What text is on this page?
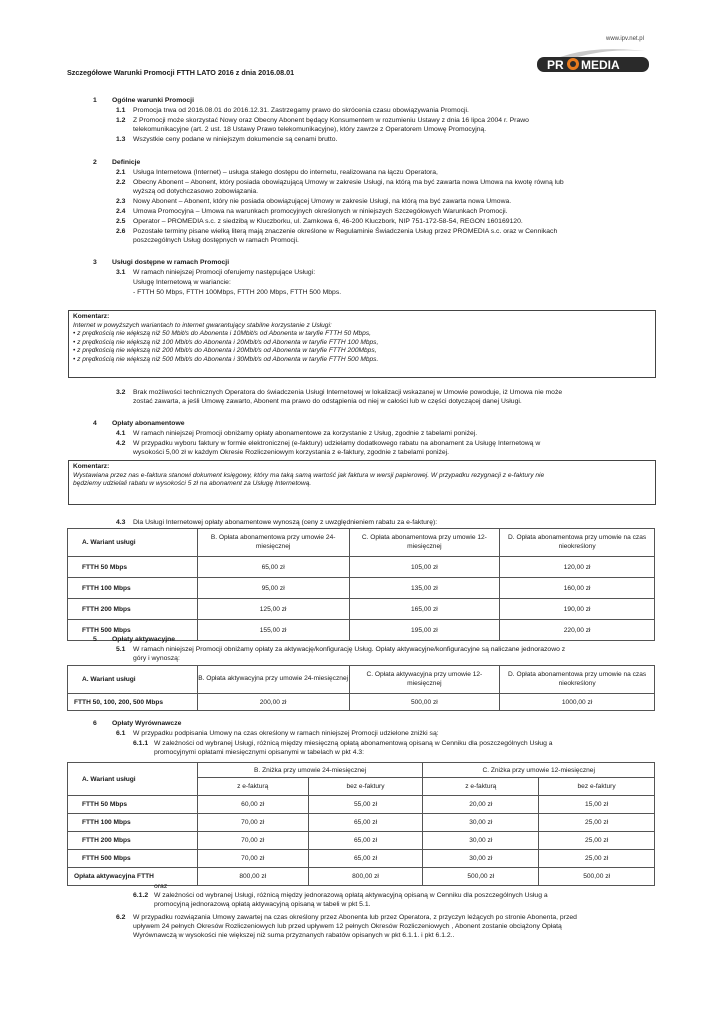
www.ipv.net.pl
PR MEDIA
Szczegółowe Warunki Promocji FTTH LATO 2016 z dnia 2016.08.01
1 Ogólne warunki Promocji
1.1 Promocja trwa od 2016.08.01 do 2016.12.31. Zastrzegamy prawo do skrócenia czasu obowiązywania Promocji.
1.2 Z Promocji może skorzystać Nowy oraz Obecny Abonent będący Konsumentem w rozumieniu Ustawy z dnia 16 lipca 2004 r. Prawo
telekomunikacyjne (art. 2 ust. 18 Ustawy Prawo telekomunikacyjne), który zawrze z Operatorem Umowę Promocyjną.
1.3 Wszystkie ceny podane w niniejszym dokumencie są cenami brutto.
2 Definicje
2.1 Usługa Internetowa (Internet) – usługa stałego dostępu do internetu, realizowana na łączu Operatora,
2.2 Obecny Abonent – Abonent, który posiada obowiązującą Umowy w zakresie Usługi, na którą ma być zawarta nowa Umowa na kwotę równą lub
wyższą od dotychczasowo zobowiązania.
2.3 Nowy Abonent – Abonent, który nie posiada obowiązującej Umowy w zakresie Usługi, na którą ma być zawarta nowa Umowa.
2.4 Umowa Promocyjna – Umowa na warunkach promocyjnych określonych w niniejszych Szczegółowych Warunkach Promocji.
2.5 Operator – PROMEDIA s.c. z siedzibą w Kluczborku, ul. Zamkowa 6, 46-200 Kluczbork, NIP 751-172-58-54, REGON 160169120.
2.6 Pozostałe terminy pisane wielką literą mają znaczenie określone w Regulaminie Świadczenia Usług przez PROMEDIA s.c. oraz w Cennikach
poszczególnych Usług dostępnych w ramach Promocji.
3 Usługi dostępne w ramach Promocji
3.1 W ramach niniejszej Promocji oferujemy następujące Usługi:
Usługę Internetową w wariancie:
- FTTH 50 Mbps, FTTH 100Mbps, FTTH 200 Mbps, FTTH 500 Mbps.
Komentarz:
Internet w powyższych wariantach to internet gwarantujący stabilne korzystanie z Usługi:
• z prędkością nie większą niż 50 Mbit/s do Abonenta i 10Mbit/s od Abonenta w taryfie FTTH 50 Mbps,
• z prędkością nie większą niż 100 Mbit/s do Abonenta i 20Mbit/s od Abonenta w taryfie FTTH 100 Mbps,
• z prędkością nie większą niż 200 Mbit/s do Abonenta i 20Mbit/s od Abonenta w taryfie FTTH 200Mbps,
• z prędkością nie większą niż 500 Mbit/s do Abonenta i 30Mbit/s od Abonenta w taryfie FTTH 500 Mbps.
3.2 Brak możliwości technicznych Operatora do świadczenia Usługi Internetowej w lokalizacji wskazanej w Umowie powoduje, iż Umowa nie może
zostać zawarta, a jeśli Umowę zawarto, Abonent ma prawo do odstąpienia od niej w całości lub w części dotyczącej danej Usługi.
4 Opłaty abonamentowe
4.1 W ramach niniejszej Promocji obniżamy opłaty abonamentowe za korzystanie z Usług, zgodnie z tabelami poniżej.
4.2 W przypadku wyboru faktury w formie elektronicznej (e-faktury) udzielamy dodatkowego rabatu na abonament za Usługę Internetową w
wysokości 5,00 zł w każdym Okresie Rozliczeniowym korzystania z e-faktury, zgodnie z tabelami poniżej.
Komentarz:
Wystawiana przez nas e-faktura stanowi dokument księgowy, który ma taką samą wartość jak faktura w wersji papierowej. W przypadku rezygnacji z e-faktury nie
będziemy udzielali rabatu w wysokości 5 zł na abonament za Usługę Internetową.
4.3 Dla Usługi Internetowej opłaty abonamentowe wynoszą (ceny z uwzględnieniem rabatu za e-fakturę):
A. Wariant usługi	B. Opłata abonamentowa przy umowie 24-miesięcznej	C. Opłata abonamentowa przy umowie 12-miesięcznej	D. Opłata abonamentowa przy umowie na czas nieokreślony
FTTH 50 Mbps	65,00 zł	105,00 zł	120,00 zł
FTTH 100 Mbps	95,00 zł	135,00 zł	160,00 zł
FTTH 200 Mbps	125,00 zł	165,00 zł	190,00 zł
FTTH 500 Mbps	155,00 zł	195,00 zł	220,00 zł
5 Opłaty aktywacyjne
5.1 W ramach niniejszej Promocji obniżamy opłaty za aktywację/konfigurację Usług. Opłaty aktywacyjne/konfiguracyjne są naliczane jednorazowo z
góry i wynoszą:
A. Wariant usługi	B. Opłata aktywacyjna przy umowie 24-miesięcznej	C. Opłata aktywacyjna przy umowie 12-miesięcznej	D. Opłata abonamentowa przy umowie na czas nieokreślony
FTTH 50, 100, 200, 500 Mbps	200,00 zł	500,00 zł	1000,00 zł
6 Opłaty Wyrównawcze
6.1 W przypadku podpisania Umowy na czas określony w ramach niniejszej Promocji udzielone zniżki są:
6.1.1 W zależności od wybranej Usługi, różnicą między miesięczną opłatą abonamentową opisaną w Cenniku dla poszczególnych Usług a
promocyjnymi opłatami miesięcznymi opisanymi w tabelach w pkt 4.3:
A. Wariant usługi	B. Zniżka przy umowie 24-miesięcznej		C. Zniżka przy umowie 12-miesięcznej	
	z e-fakturą	bez e-faktury	z e-fakturą	bez e-faktury
FTTH 50 Mbps	60,00 zł	55,00 zł	20,00 zł	15,00 zł
FTTH 100 Mbps	70,00 zł	65,00 zł	30,00 zł	25,00 zł
FTTH 200 Mbps	70,00 zł	65,00 zł	30,00 zł	25,00 zł
FTTH 500 Mbps	70,00 zł	65,00 zł	30,00 zł	25,00 zł
Opłata aktywacyjna FTTH	800,00 zł	800,00 zł	500,00 zł	500,00 zł
oraz
6.1.2 W zależności od wybranej Usługi, różnicą między jednorazową opłatą aktywacyjną opisaną w Cenniku dla poszczególnych Usług a
promocyjną jednorazową opłatą aktywacyjną opisaną w tabeli w pkt 5.1.
6.2 W przypadku rozwiązania Umowy zawartej na czas określony przez Abonenta lub przez Operatora, z przyczyn leżących po stronie Abonenta, przed
upływem 24 pełnych Okresów Rozliczeniowych lub przed upływem 12 pełnych Okresów Rozliczeniowych , Abonent zostanie obciążony Opłatą
Wyrównawczą w wysokości nie większej niż suma przyznanych rabatów opisanych w pkt 6.1.1. i pkt 6.1.2..
